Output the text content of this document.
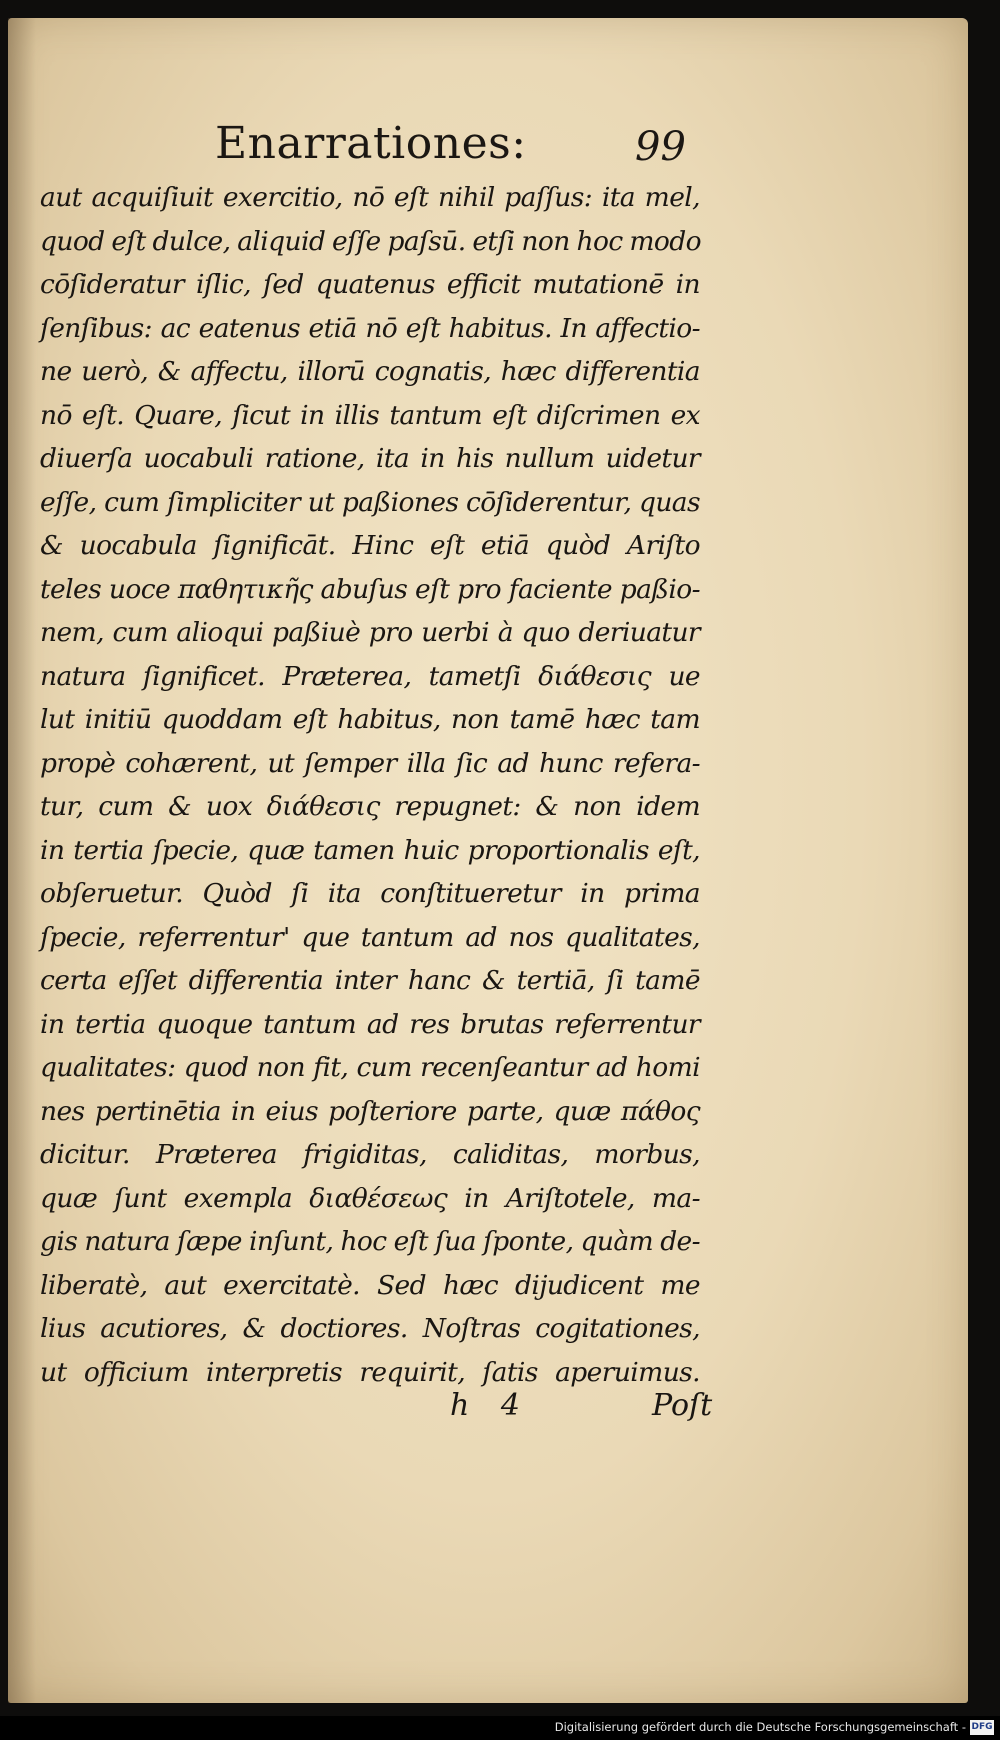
Enarrationes:	99
aut acquiſiuit exercitio, nō eſt nihil paſſus: ita mel,
quod eſt dulce, aliquid eſſe paſsū. etſi non hoc modo
cōſideratur iſlic, ſed quatenus efficit mutationē in
ſenſibus: ac eatenus etiā nō eſt habitus. In affectio-
ne uerò, & affectu, illorū cognatis, hæc differentia
nō eſt. Quare, ſicut in illis tantum eſt diſcrimen ex
diuerſa uocabuli ratione, ita in his nullum uidetur
eſſe, cum ſimpliciter ut paßiones cōſiderentur, quas
& uocabula ſignificāt. Hinc eſt etiā quòd Ariſto
teles uoce παθητικῆς abuſus eſt pro faciente paßio-
nem, cum alioqui paßiuè pro uerbi à quo deriuatur
natura ſignificet. Præterea, tametſi διάθεσις ue
lut initiū quoddam eſt habitus, non tamē hæc tam
propè cohærent, ut ſemper illa ſic ad hunc refera-
tur, cum & uox διάθεσις repugnet: & non idem
in tertia ſpecie, quæ tamen huic proportionalis eſt,
obſeruetur. Quòd ſi ita conſtitueretur in prima
ſpecie, referrentur' que tantum ad nos qualitates,
certa eſſet differentia inter hanc & tertiā, ſi tamē
in tertia quoque tantum ad res brutas referrentur
qualitates: quod non fit, cum recenſeantur ad homi
nes pertinētia in eius poſteriore parte, quæ πάθος
dicitur. Præterea frigiditas, caliditas, morbus,
quæ ſunt exempla διαθέσεως in Ariſtotele, ma-
gis natura ſæpe inſunt, hoc eſt ſua ſponte, quàm de-
liberatè, aut exercitatè. Sed hæc dijudicent me
lius acutiores, & doctiores. Noſtras cogitationes,
ut officium interpretis requirit, ſatis aperuimus.
h 4	Poſt
Digitalisierung gefördert durch die Deutsche Forschungsgemeinschaft - DFG
